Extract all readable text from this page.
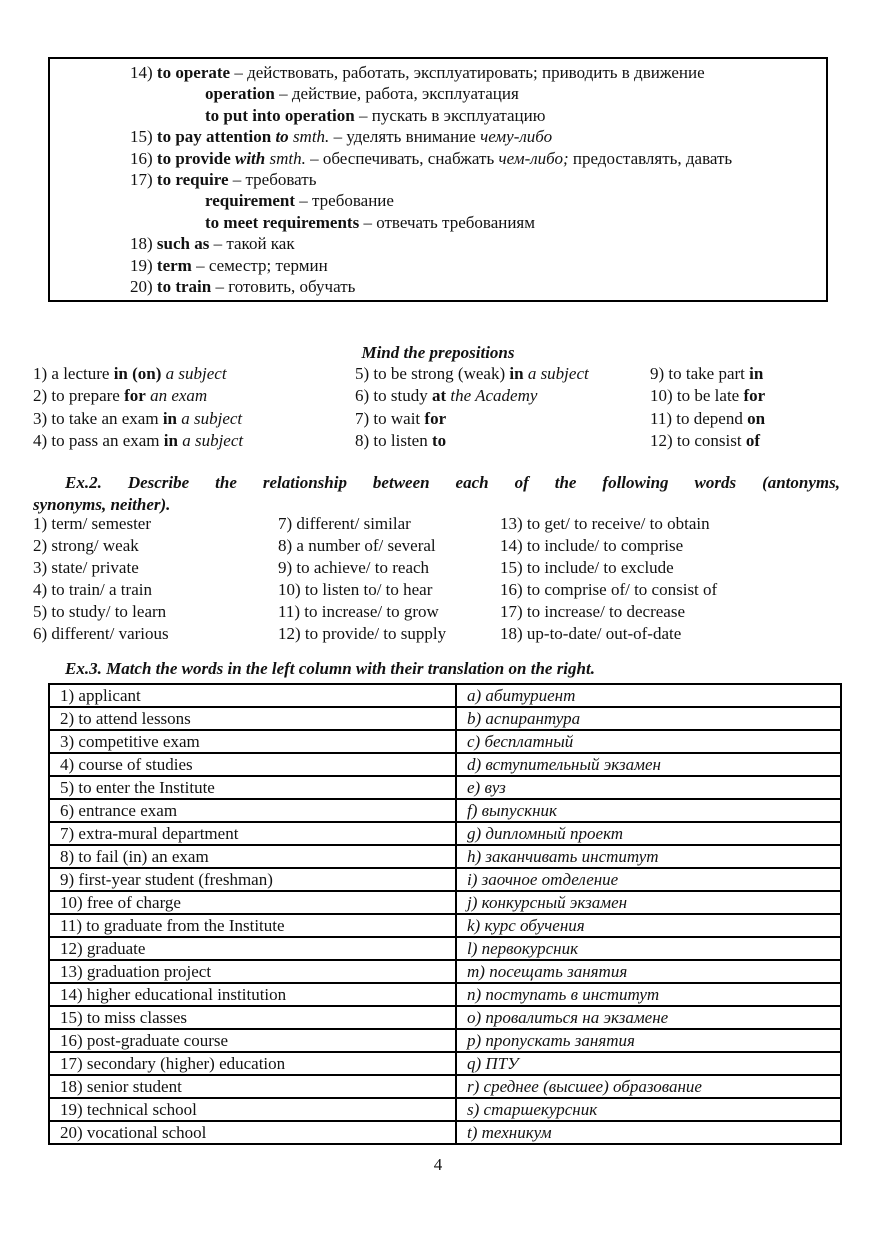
14) to operate – действовать, работать, эксплуатировать; приводить в движение
operation – действие, работа, эксплуатация
to put into operation – пускать в эксплуатацию
15) to pay attention to smth. – уделять внимание чему-либо
16) to provide with smth. – обеспечивать, снабжать чем-либо; предоставлять, давать
17) to require – требовать
requirement – требование
to meet requirements – отвечать требованиям
18) such as – такой как
19) term – семестр; термин
20) to train – готовить, обучать
Mind the prepositions
1) a lecture in (on) a subject
2) to prepare for an exam
3) to take an exam in a subject
4) to pass an exam in a subject
5) to be strong (weak) in a subject
6) to study at the Academy
7) to wait for
8) to listen to
9) to take part in
10) to be late for
11) to depend on
12) to consist of
Ex.2. Describe the relationship between each of the following words (antonyms,
synonyms, neither).
1) term/ semester
2) strong/ weak
3) state/ private
4) to train/ a train
5) to study/ to learn
6) different/ various
7) different/ similar
8) a number of/ several
9) to achieve/ to reach
10) to listen to/ to hear
11) to increase/ to grow
12) to provide/ to supply
13) to get/ to receive/ to obtain
14) to include/ to comprise
15) to include/ to exclude
16) to comprise of/ to consist of
17) to increase/ to decrease
18) up-to-date/ out-of-date
Ex.3. Match the words in the left column with their translation on the right.
1) applicant	a) абитуриент
2) to attend lessons	b) аспирантура
3) competitive exam	c) бесплатный
4) course of studies	d) вступительный экзамен
5) to enter the Institute	e) вуз
6) entrance exam	f) выпускник
7) extra-mural department	g) дипломный проект
8) to fail (in) an exam	h) заканчивать институт
9) first-year student (freshman)	i) заочное отделение
10) free of charge	j) конкурсный экзамен
11) to graduate from the Institute	k) курс обучения
12) graduate	l) первокурсник
13) graduation project	m) посещать занятия
14) higher educational institution	n) поступать в институт
15) to miss classes	o) провалиться на экзамене
16) post-graduate course	p) пропускать занятия
17) secondary (higher) education	q) ПТУ
18) senior student	r) среднее (высшее) образование
19) technical school	s) старшекурсник
20) vocational school	t) техникум
4
